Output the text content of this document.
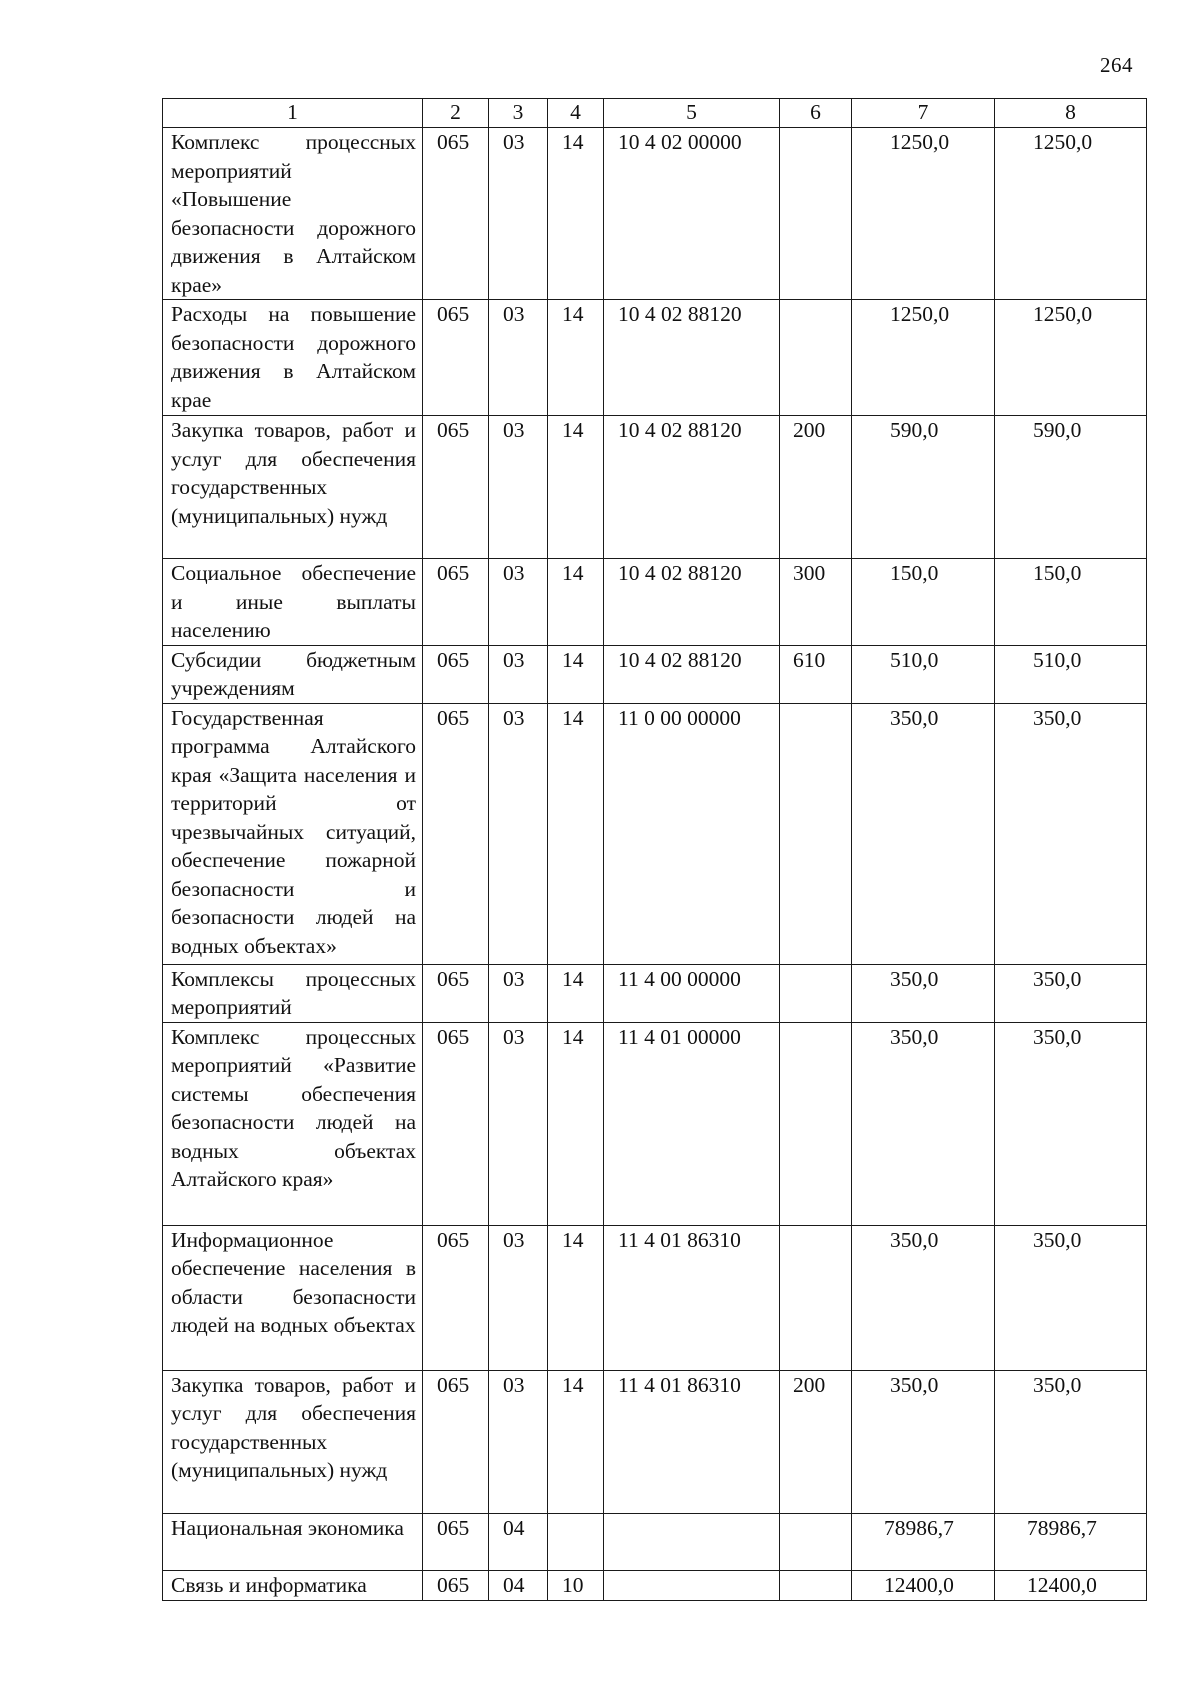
264
1	2	3	4	5	6	7	8
Комплекс процессных мероприятий «Повышение безопасности дорожного движения в Алтайском крае»	065	03	14	10 4 02 00000		1250,0	1250,0
Расходы на повышение безопасности дорожного движения в Алтайском крае	065	03	14	10 4 02 88120		1250,0	1250,0
Закупка товаров, работ и услуг для обеспечения государственных (муниципальных) нужд	065	03	14	10 4 02 88120	200	590,0	590,0
Социальное обеспечение и иные выплаты населению	065	03	14	10 4 02 88120	300	150,0	150,0
Субсидии бюджетным учреждениям	065	03	14	10 4 02 88120	610	510,0	510,0
Государственная программа Алтайского края «Защита населения и территорий от чрезвычайных ситуаций, обеспечение пожарной безопасности и безопасности людей на водных объектах»	065	03	14	11 0 00 00000		350,0	350,0
Комплексы процессных мероприятий	065	03	14	11 4 00 00000		350,0	350,0
Комплекс процессных мероприятий «Развитие системы обеспечения безопасности людей на водных объектах Алтайского края»	065	03	14	11 4 01 00000		350,0	350,0
Информационное обеспечение населения в области безопасности людей на водных объектах	065	03	14	11 4 01 86310		350,0	350,0
Закупка товаров, работ и услуг для обеспечения государственных (муниципальных) нужд	065	03	14	11 4 01 86310	200	350,0	350,0
Национальная экономика	065	04				78986,7	78986,7
Связь и информатика	065	04	10			12400,0	12400,0
